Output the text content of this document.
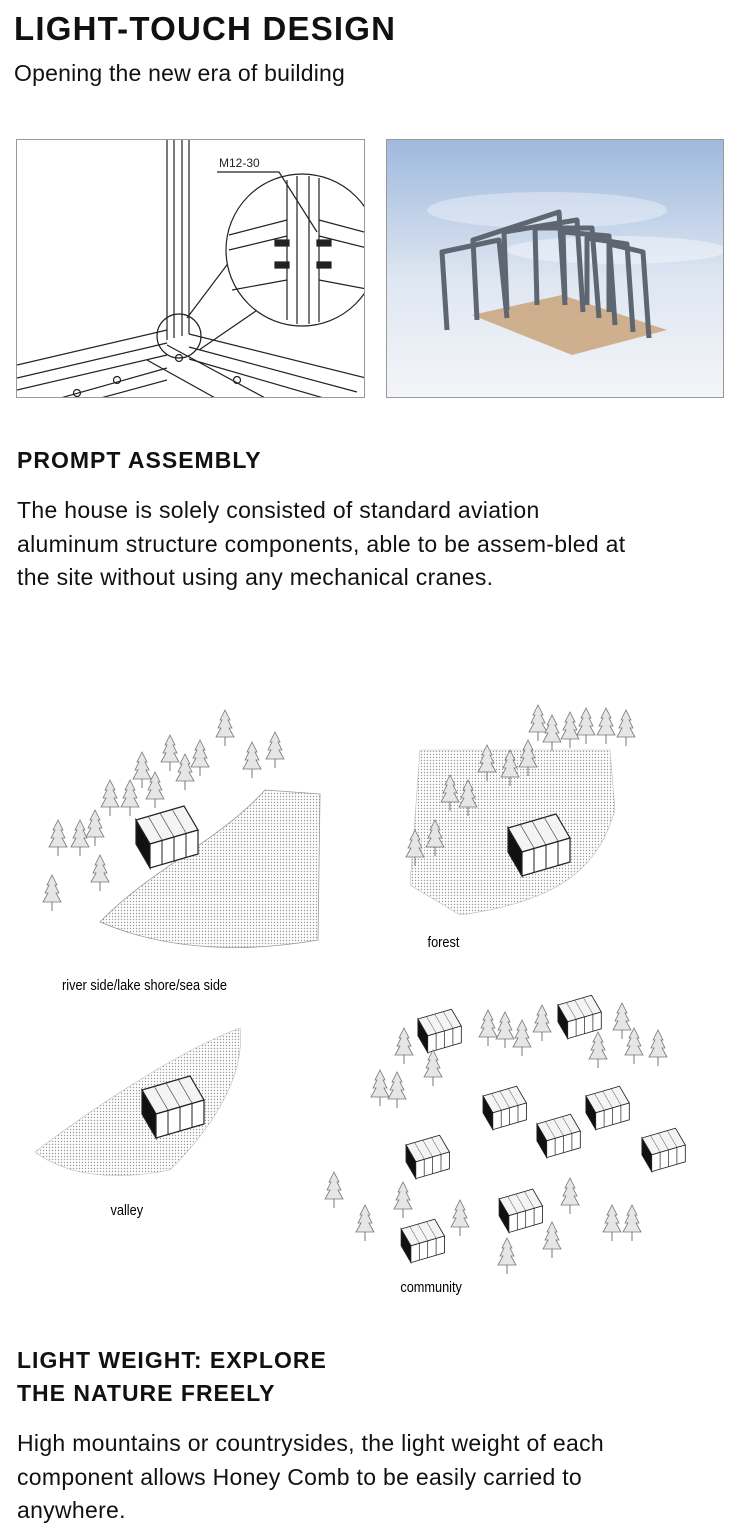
LIGHT-TOUCH DESIGN
Opening the new era of building
M12-30
PROMPT ASSEMBLY
The house is solely consisted of standard aviation aluminum structure components, able to be assem-bled at the site without using any mechanical cranes.
river side/lake shore/sea side
forest
valley
community
LIGHT WEIGHT: EXPLORE
THE NATURE FREELY
High mountains or countrysides, the light weight of each component allows Honey Comb to be easily carried to anywhere.
